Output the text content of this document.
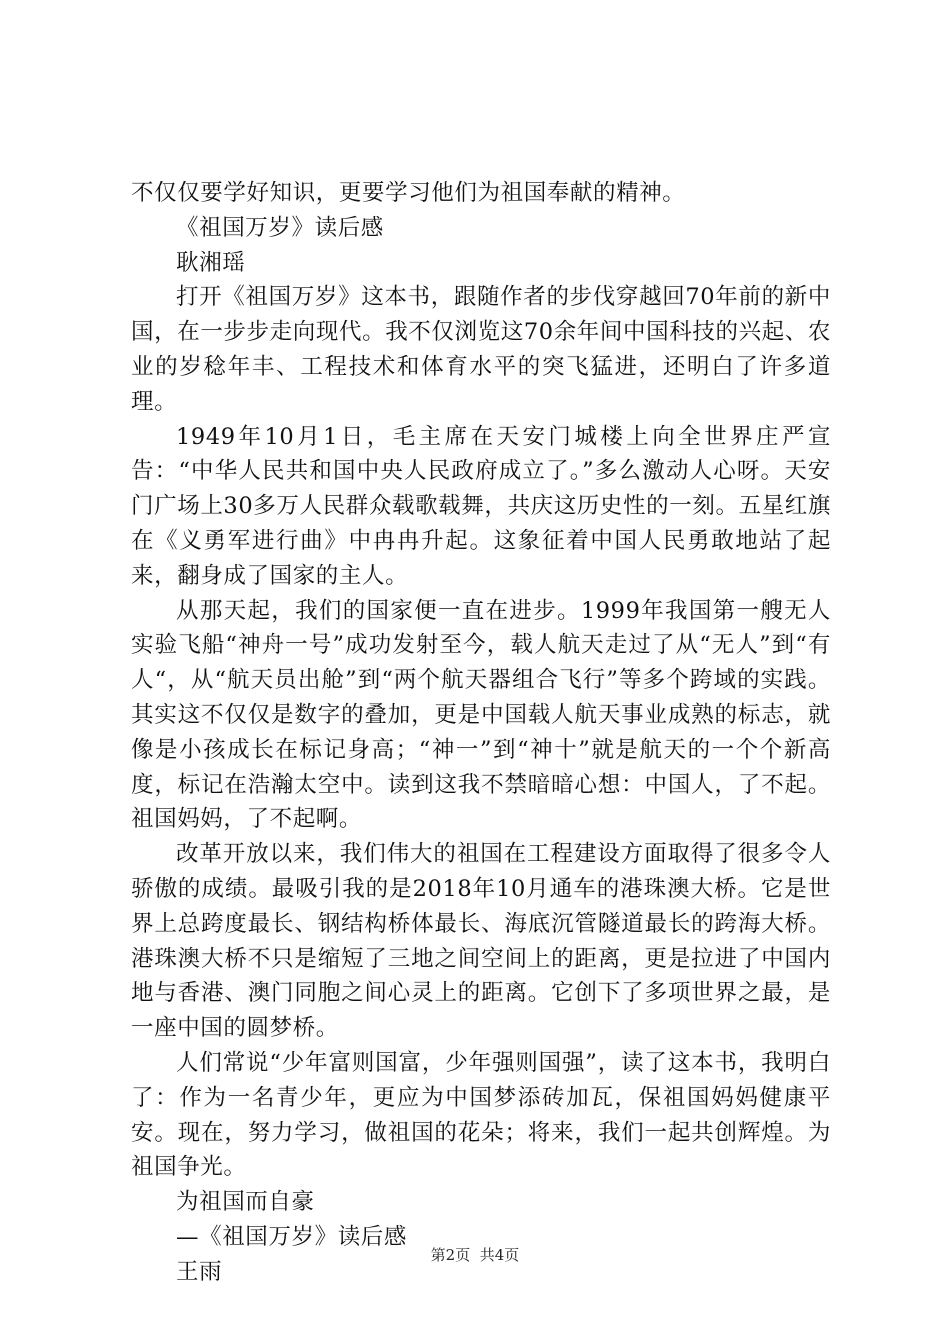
不仅仅要学好知识，更要学习他们为祖国奉献的精神。

《祖国万岁》读后感

耿湘瑶

打开《祖国万岁》这本书，跟随作者的步伐穿越回70年前的新中国，在一步步走向现代。我不仅浏览这70余年间中国科技的兴起、农业的岁稔年丰、工程技术和体育水平的突飞猛进，还明白了许多道理。

1949年10月1日，毛主席在天安门城楼上向全世界庄严宣告：“中华人民共和国中央人民政府成立了。”多么激动人心呀。天安门广场上30多万人民群众载歌载舞，共庆这历史性的一刻。五星红旗在《义勇军进行曲》中冉冉升起。这象征着中国人民勇敢地站了起来，翻身成了国家的主人。

从那天起，我们的国家便一直在进步。1999年我国第一艘无人实验飞船“神舟一号”成功发射至今，载人航天走过了从“无人”到“有人“，从“航天员出舱”到“两个航天器组合飞行”等多个跨域的实践。其实这不仅仅是数字的叠加，更是中国载人航天事业成熟的标志，就像是小孩成长在标记身高；“神一”到“神十”就是航天的一个个新高度，标记在浩瀚太空中。读到这我不禁暗暗心想：中国人，了不起。祖国妈妈，了不起啊。

改革开放以来，我们伟大的祖国在工程建设方面取得了很多令人骄傲的成绩。最吸引我的是2018年10月通车的港珠澳大桥。它是世界上总跨度最长、钢结构桥体最长、海底沉管隧道最长的跨海大桥。港珠澳大桥不只是缩短了三地之间空间上的距离，更是拉进了中国内地与香港、澳门同胞之间心灵上的距离。它创下了多项世界之最，是一座中国的圆梦桥。

人们常说“少年富则国富，少年强则国强”，读了这本书，我明白了：作为一名青少年，更应为中国梦添砖加瓦，保祖国妈妈健康平安。现在，努力学习，做祖国的花朵；将来，我们一起共创辉煌。为祖国争光。

为祖国而自豪

—《祖国万岁》读后感

王雨

第2页 共4页
